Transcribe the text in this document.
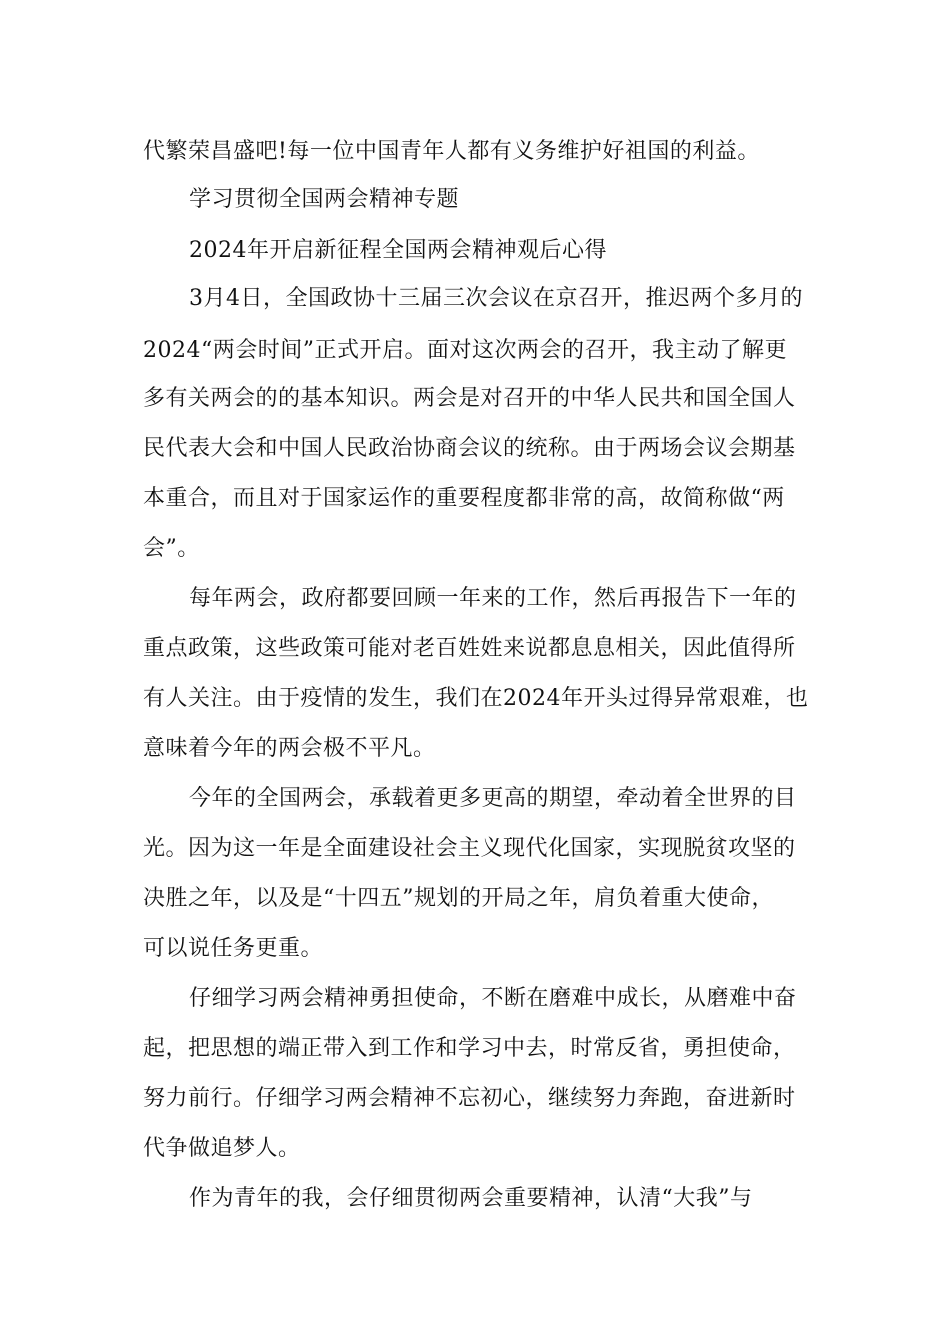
代繁荣昌盛吧!每一位中国青年人都有义务维护好祖国的利益。
学习贯彻全国两会精神专题
2024年开启新征程全国两会精神观后心得
3月4日，全国政协十三届三次会议在京召开，推迟两个多月的
2024“两会时间”正式开启。面对这次两会的召开，我主动了解更
多有关两会的的基本知识。两会是对召开的中华人民共和国全国人
民代表大会和中国人民政治协商会议的统称。由于两场会议会期基
本重合，而且对于国家运作的重要程度都非常的高，故简称做“两
会”。
每年两会，政府都要回顾一年来的工作，然后再报告下一年的
重点政策，这些政策可能对老百姓姓来说都息息相关，因此值得所
有人关注。由于疫情的发生，我们在2024年开头过得异常艰难，也
意味着今年的两会极不平凡。
今年的全国两会，承载着更多更高的期望，牵动着全世界的目
光。因为这一年是全面建设社会主义现代化国家，实现脱贫攻坚的
决胜之年，以及是“十四五”规划的开局之年，肩负着重大使命，
可以说任务更重。
仔细学习两会精神勇担使命，不断在磨难中成长，从磨难中奋
起，把思想的端正带入到工作和学习中去，时常反省，勇担使命，
努力前行。仔细学习两会精神不忘初心，继续努力奔跑，奋进新时
代争做追梦人。
作为青年的我，会仔细贯彻两会重要精神，认清“大我”与
